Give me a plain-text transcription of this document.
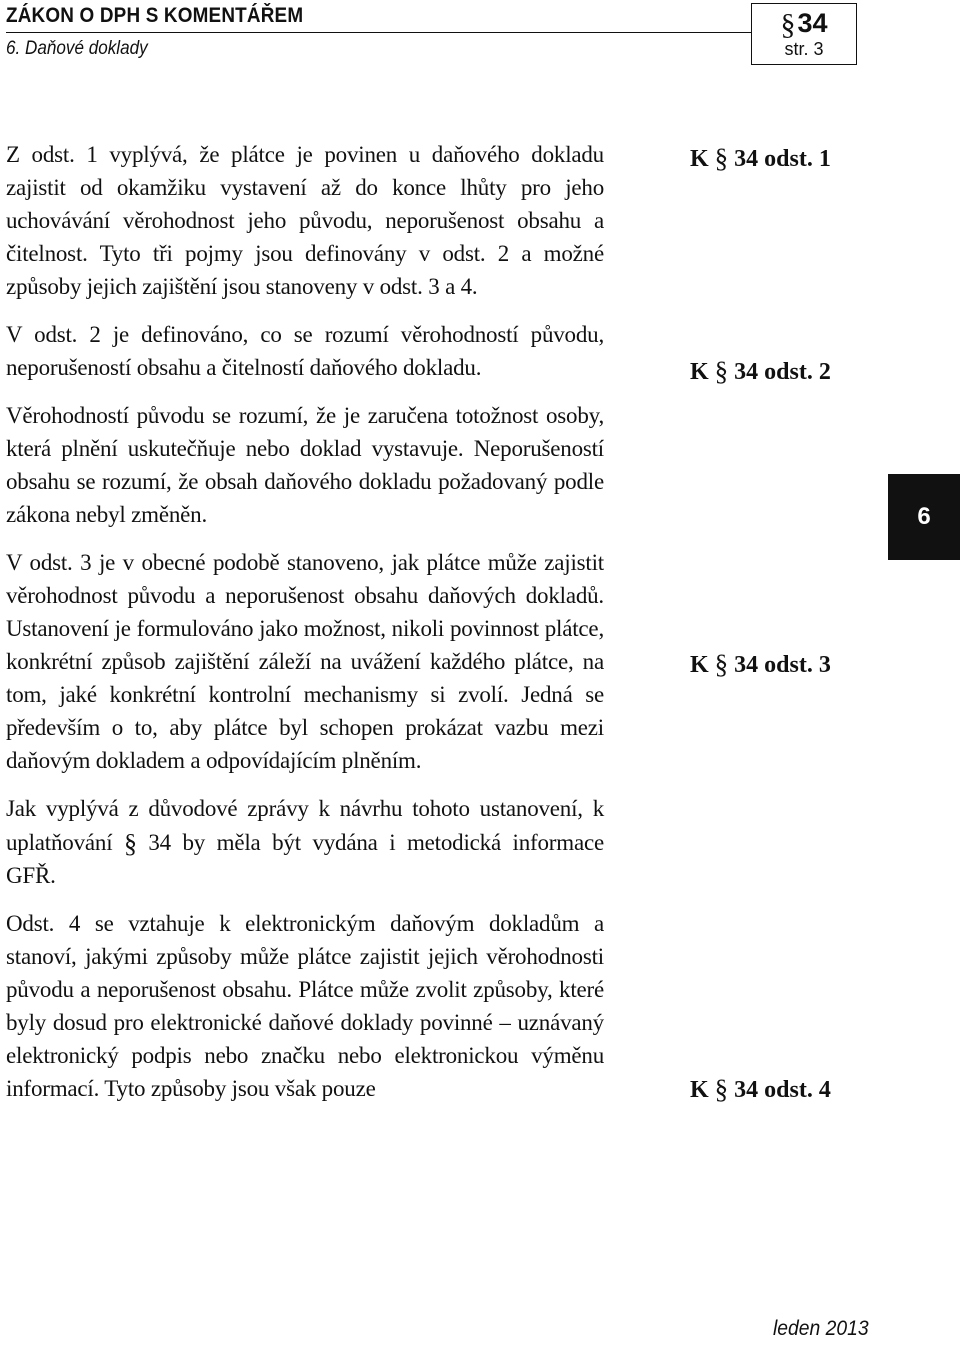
ZÁKON O DPH S KOMENTÁŘEM
6. Daňové doklady
§34
str. 3

Z odst. 1 vyplývá, že plátce je povinen u daňového dokladu zajistit od okamžiku vystavení až do konce lhůty pro jeho uchovávání věrohodnost jeho původu, neporušenost obsahu a čitelnost. Tyto tři pojmy jsou definovány v odst. 2 a možné způsoby jejich zajištění jsou stanoveny v odst. 3 a 4.

V odst. 2 je definováno, co se rozumí věrohodností původu, neporušeností obsahu a čitelností daňového dokladu.

Věrohodností původu se rozumí, že je zaručena totožnost osoby, která plnění uskutečňuje nebo doklad vystavuje. Neporušeností obsahu se rozumí, že obsah daňového dokladu požadovaný podle zákona nebyl změněn.

V odst. 3 je v obecné podobě stanoveno, jak plátce může zajistit věrohodnost původu a neporušenost obsahu daňových dokladů. Ustanovení je formulováno jako možnost, nikoli povinnost plátce, konkrétní způsob zajištění záleží na uvážení každého plátce, na tom, jaké konkrétní kontrolní mechanismy si zvolí. Jedná se především o to, aby plátce byl schopen prokázat vazbu mezi daňovým dokladem a odpovídajícím plněním.

Jak vyplývá z důvodové zprávy k návrhu tohoto ustanovení, k uplatňování § 34 by měla být vydána i metodická informace GFŘ.

Odst. 4 se vztahuje k elektronickým daňovým dokladům a stanoví, jakými způsoby může plátce zajistit jejich věrohodnosti původu a neporušenost obsahu. Plátce může zvolit způsoby, které byly dosud pro elektronické daňové doklady povinné – uznávaný elektronický podpis nebo značku nebo elektronickou výměnu informací. Tyto způsoby jsou však pouze

K § 34 odst. 1
K § 34 odst. 2
K § 34 odst. 3
K § 34 odst. 4
6
leden 2013
